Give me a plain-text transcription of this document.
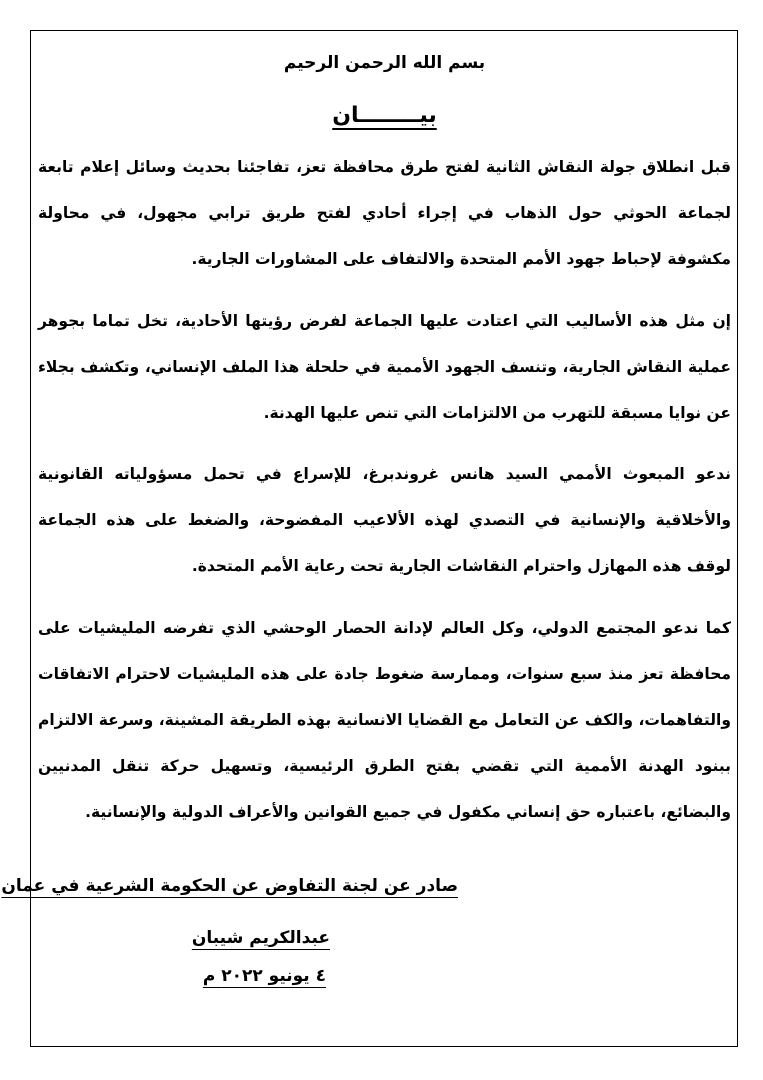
بسم الله الرحمن الرحيم
بيــــــــان

قبل انطلاق جولة النقاش الثانية لفتح طرق محافظة تعز، تفاجئنا بحديث وسائل إعلام تابعة لجماعة الحوثي حول الذهاب في إجراء أحادي لفتح طريق ترابي مجهول، في محاولة مكشوفة لإحباط جهود الأمم المتحدة والالتفاف على المشاورات الجارية.

إن مثل هذه الأساليب التي اعتادت عليها الجماعة لفرض رؤيتها الأحادية، تخل تماما بجوهر عملية النقاش الجارية، وتنسف الجهود الأممية في حلحلة هذا الملف الإنساني، وتكشف بجلاء عن نوايا مسبقة للتهرب من الالتزامات التي تنص عليها الهدنة.

ندعو المبعوث الأممي السيد هانس غروندبرغ، للإسراع في تحمل مسؤولياته القانونية والأخلاقية والإنسانية في التصدي لهذه الألاعيب المفضوحة، والضغط على هذه الجماعة لوقف هذه المهازل واحترام النقاشات الجارية تحت رعاية الأمم المتحدة.

كما ندعو المجتمع الدولي، وكل العالم لإدانة الحصار الوحشي الذي تفرضه المليشيات على محافظة تعز منذ سبع سنوات، وممارسة ضغوط جادة على هذه المليشيات لاحترام الاتفاقات والتفاهمات، والكف عن التعامل مع القضايا الانسانية بهذه الطريقة المشينة، وسرعة الالتزام ببنود الهدنة الأممية التي تقضي بفتح الطرق الرئيسية، وتسهيل حركة تنقل المدنيين والبضائع، باعتباره حق إنساني مكفول في جميع القوانين والأعراف الدولية والإنسانية.

صادر عن لجنة التفاوض عن الحكومة الشرعية في عمان
عبدالكريم شيبان
٤ يونيو ٢٠٢٢ م
